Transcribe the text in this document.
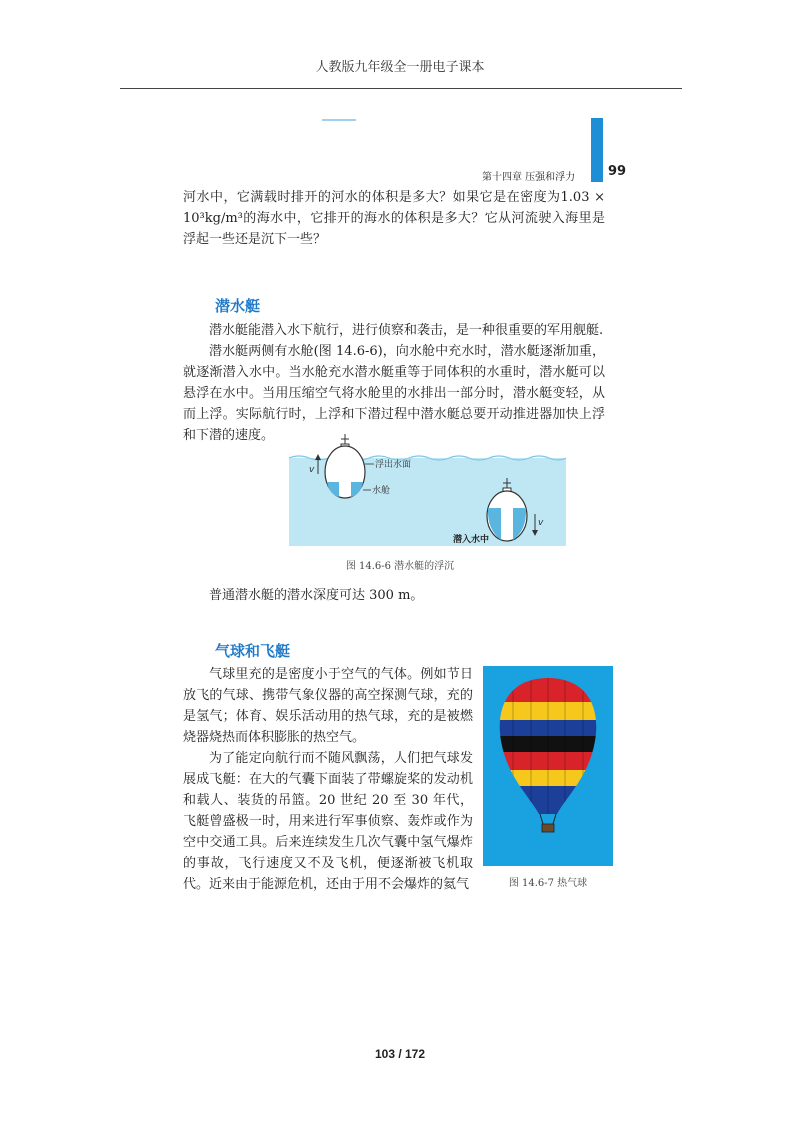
人教版九年级全一册电子课本
第十四章 压强和浮力	99
河水中，它满载时排开的河水的体积是多大？如果它是在密度为1.03 × 10³kg/m³的海水中，它排开的海水的体积是多大？它从河流驶入海里是浮起一些还是沉下一些？
潜水艇
潜水艇能潜入水下航行，进行侦察和袭击，是一种很重要的军用舰艇.
潜水艇两侧有水舱(图 14.6-6)，向水舱中充水时，潜水艇逐渐加重，就逐渐潜入水中。当水舱充水潜水艇重等于同体积的水重时，潜水艇可以悬浮在水中。当用压缩空气将水舱里的水排出一部分时，潜水艇变轻，从而上浮。实际航行时，上浮和下潜过程中潜水艇总要开动推进器加快上浮和下潜的速度。
v	浮出水面
水舱
v
潜入水中
图 14.6-6 潜水艇的浮沉
普通潜水艇的潜水深度可达 300 m。
气球和飞艇
气球里充的是密度小于空气的气体。例如节日放飞的气球、携带气象仪器的高空探测气球，充的是氢气；体育、娱乐活动用的热气球，充的是被燃烧器烧热而体积膨胀的热空气。
为了能定向航行而不随风飘荡，人们把气球发展成飞艇：在大的气囊下面装了带螺旋桨的发动机和载人、装货的吊篮。20 世纪 20 至 30 年代，飞艇曾盛极一时，用来进行军事侦察、轰炸或作为空中交通工具。后来连续发生几次气囊中氢气爆炸的事故，飞行速度又不及飞机，便逐渐被飞机取代。近来由于能源危机，还由于用不会爆炸的氦气	图 14.6-7 热气球
103 / 172
